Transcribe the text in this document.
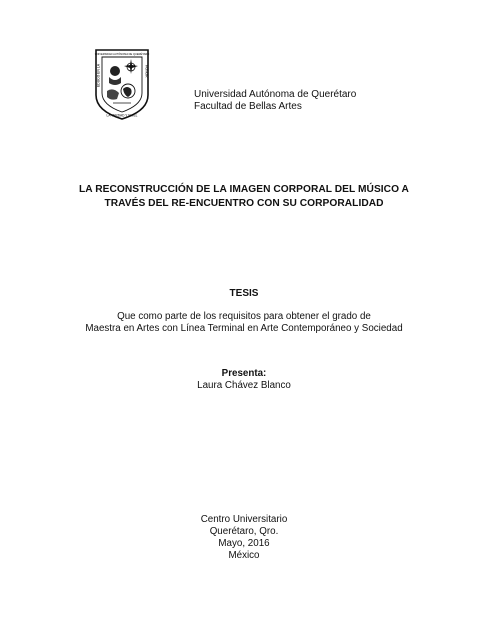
UNIVERSIDAD AUTÓNOMA DE QUERÉTARO
EDUCO EN LA	HONOR
LA VERDAD Y EN EL
Universidad Autónoma de Querétaro
Facultad de Bellas Artes
LA RECONSTRUCCIÓN DE LA IMAGEN CORPORAL DEL MÚSICO A
TRAVÉS DEL RE-ENCUENTRO CON SU CORPORALIDAD
TESIS
Que como parte de los requisitos para obtener el grado de
Maestra en Artes con Línea Terminal en Arte Contemporáneo y Sociedad
Presenta:
Laura Chávez Blanco
Centro Universitario
Querétaro, Qro.
Mayo, 2016
México
